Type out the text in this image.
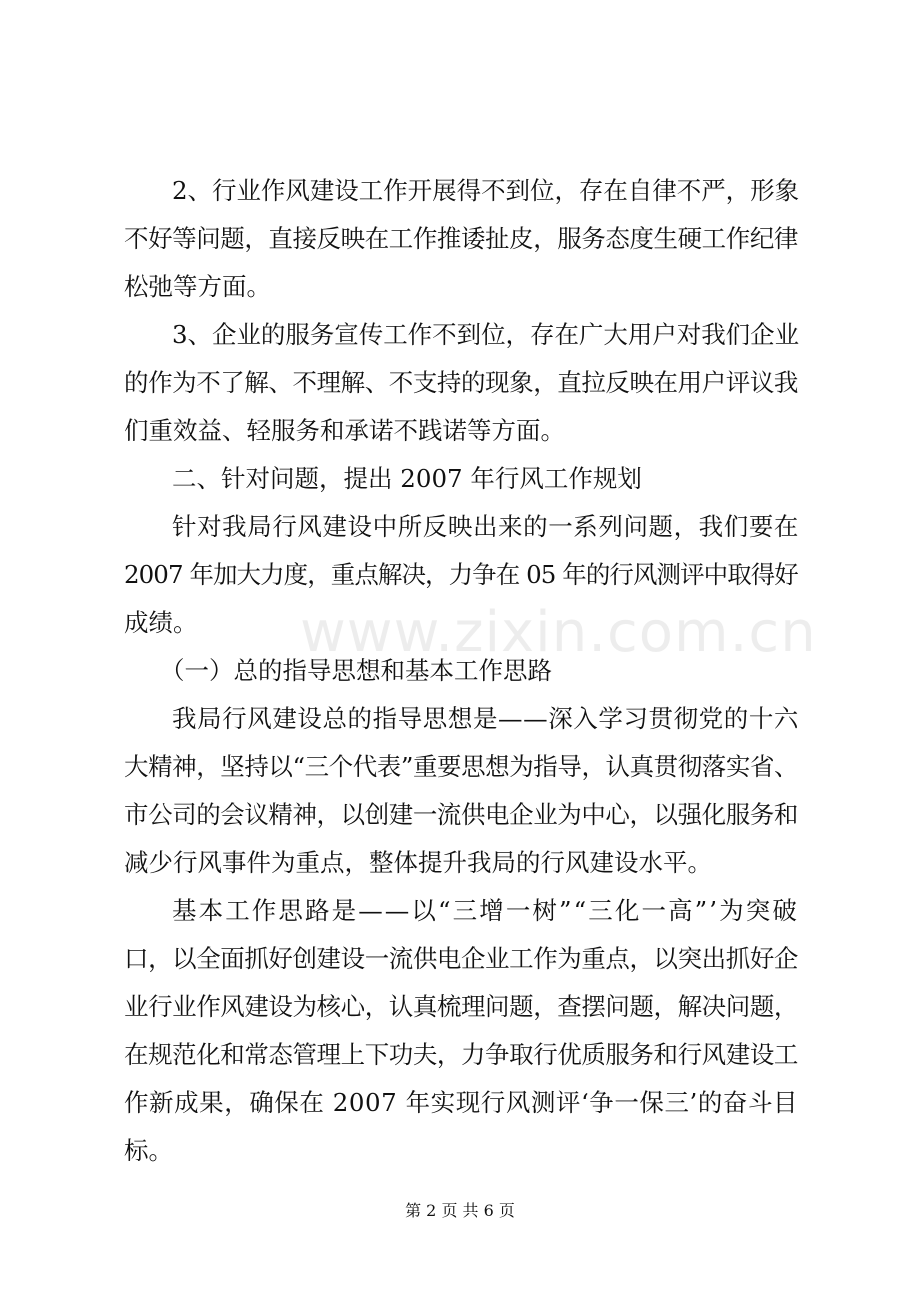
www.zixin.com.cn
2、行业作风建设工作开展得不到位，存在自律不严，形象
不好等问题，直接反映在工作推诿扯皮，服务态度生硬工作纪律
松弛等方面。
3、企业的服务宣传工作不到位，存在广大用户对我们企业
的作为不了解、不理解、不支持的现象，直拉反映在用户评议我
们重效益、轻服务和承诺不践诺等方面。
二、针对问题，提出 2007 年行风工作规划
针对我局行风建设中所反映出来的一系列问题，我们要在
2007 年加大力度，重点解决，力争在 05 年的行风测评中取得好
成绩。
（一）总的指导思想和基本工作思路
我局行风建设总的指导思想是——深入学习贯彻党的十六
大精神，坚持以“三个代表”重要思想为指导，认真贯彻落实省、
市公司的会议精神，以创建一流供电企业为中心，以强化服务和
减少行风事件为重点，整体提升我局的行风建设水平。
基本工作思路是——以“三增一树”“三化一高”’为突破
口，以全面抓好创建设一流供电企业工作为重点，以突出抓好企
业行业作风建设为核心，认真梳理问题，查摆问题，解决问题，
在规范化和常态管理上下功夫，力争取行优质服务和行风建设工
作新成果，确保在 2007 年实现行风测评‘争一保三’的奋斗目
标。
第 2 页 共 6 页
